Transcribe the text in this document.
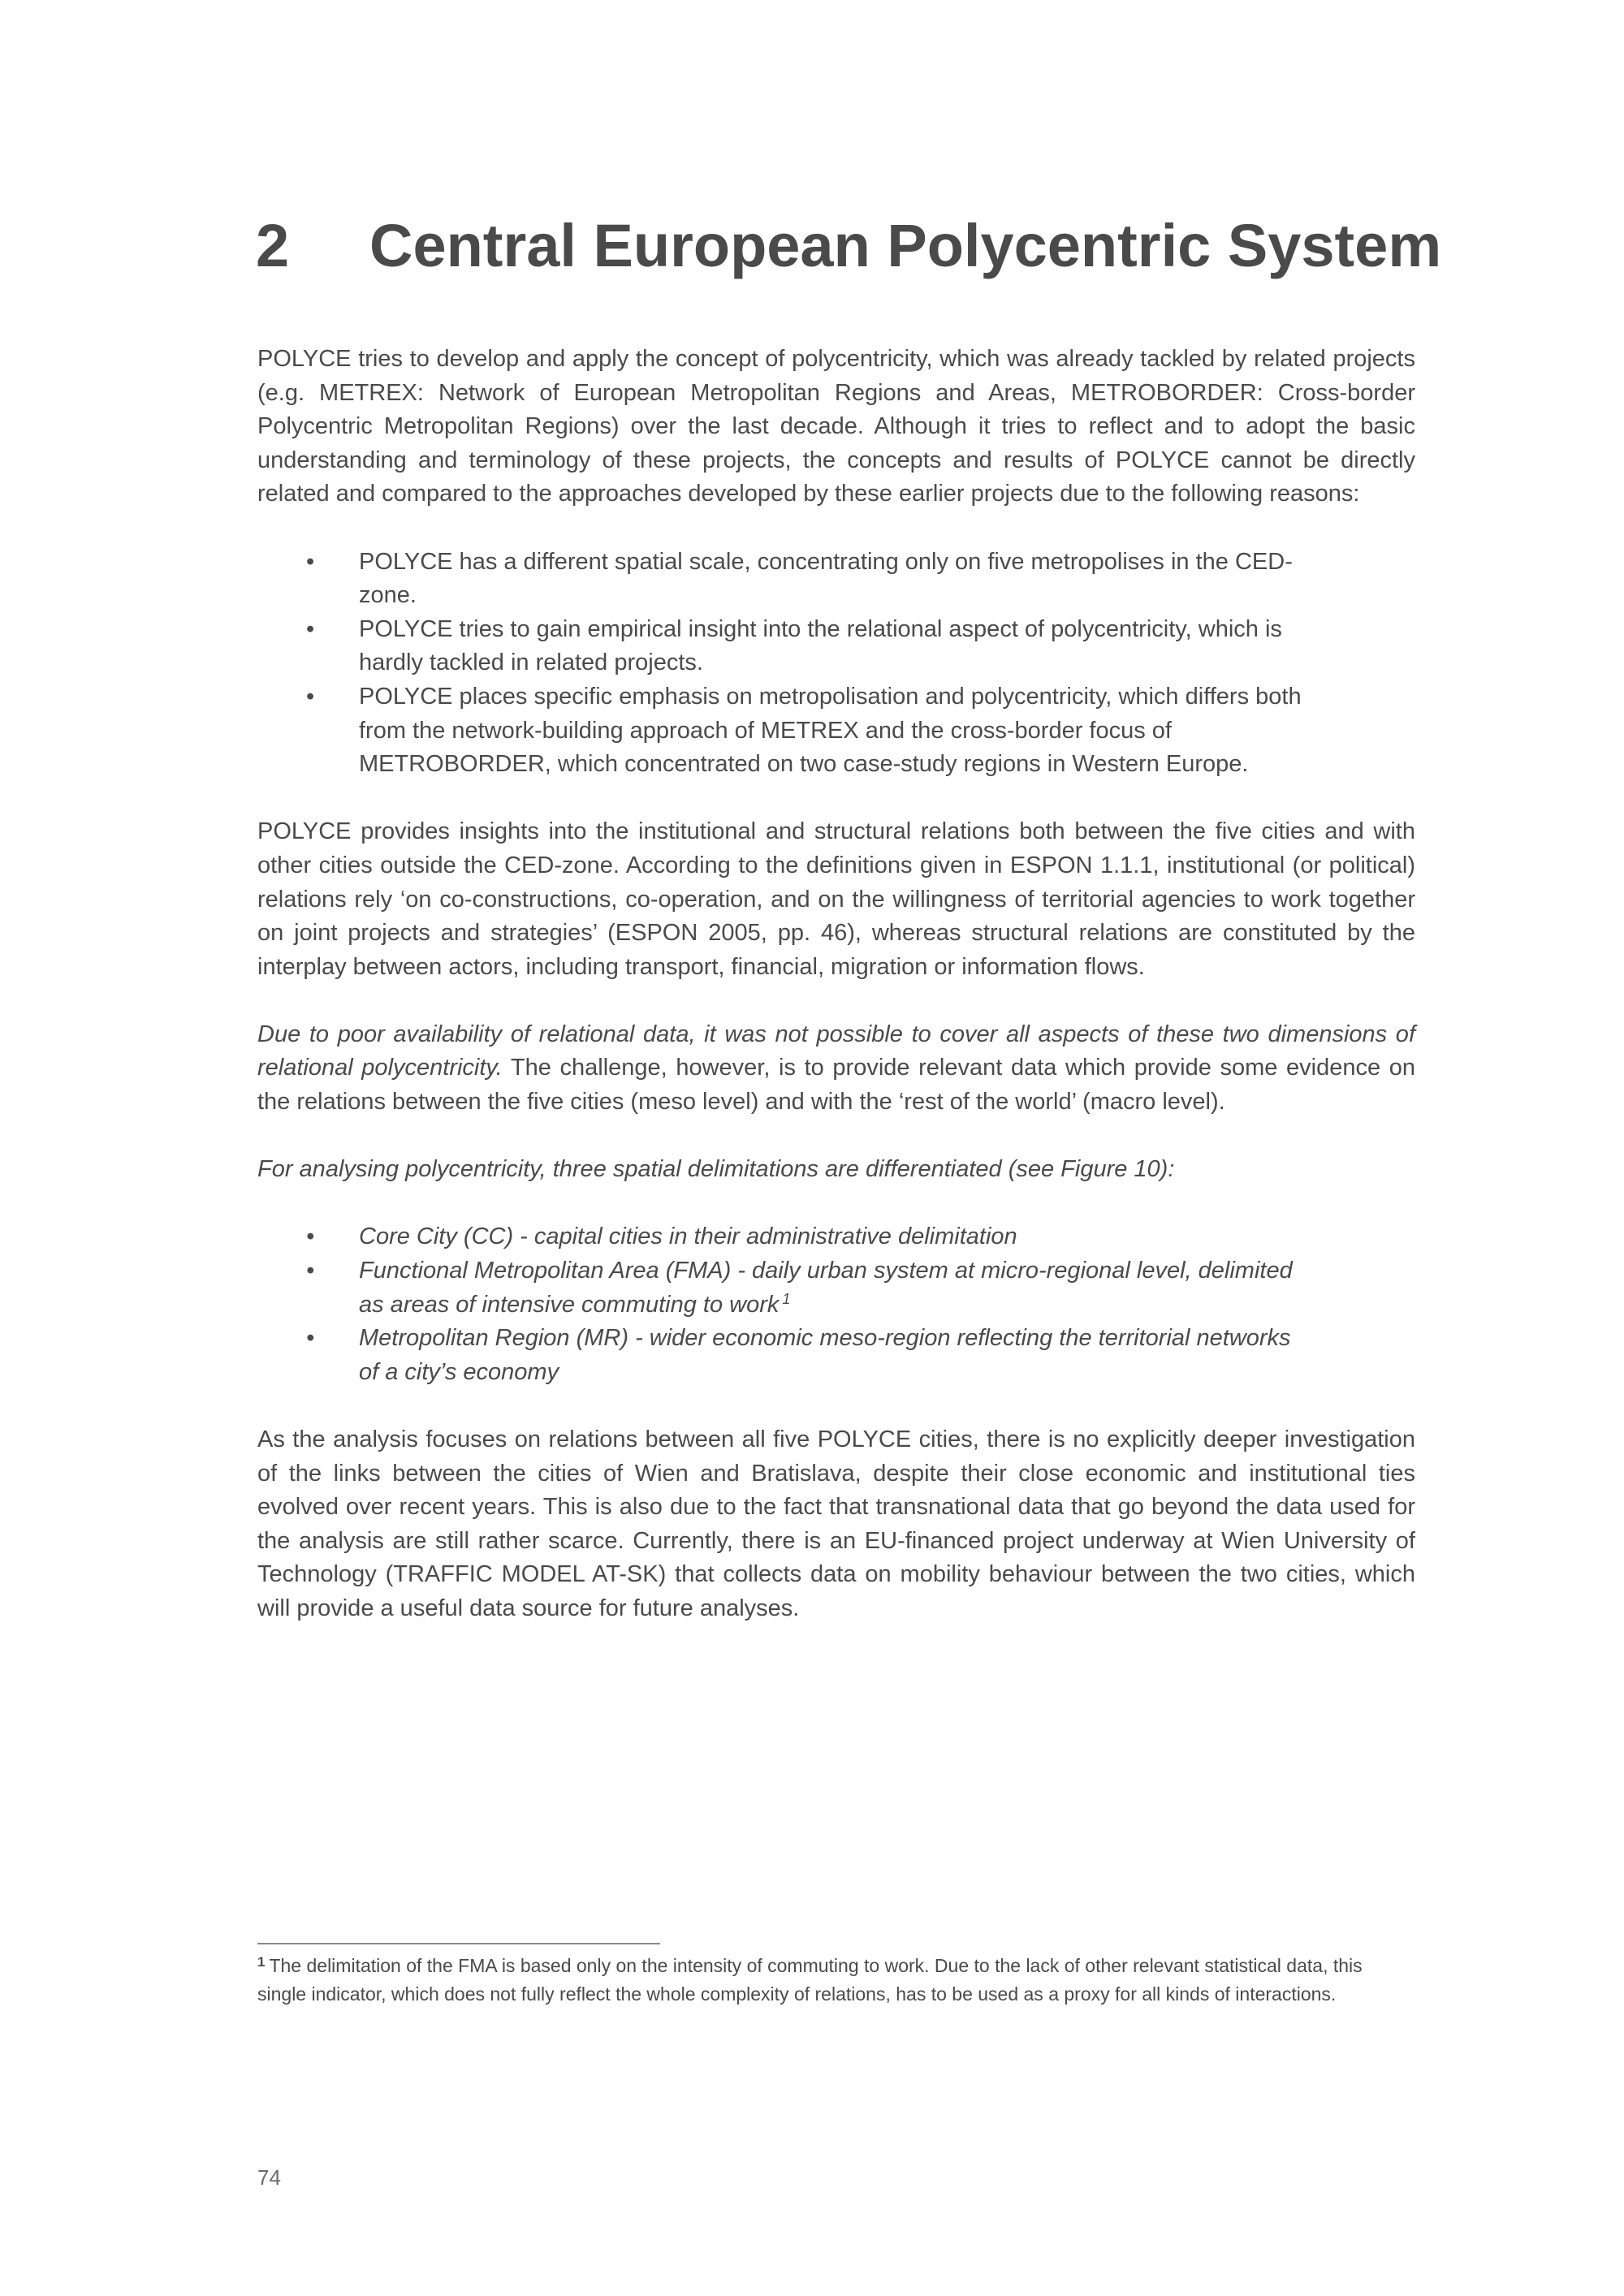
2 Central European Polycentric System

POLYCE tries to develop and apply the concept of polycentricity, which was already tackled by related projects (e.g. METREX: Network of European Metropolitan Regions and Areas, METROBORDER: Cross-border Polycentric Metropolitan Regions) over the last decade. Although it tries to reflect and to adopt the basic understanding and terminology of these projects, the concepts and results of POLYCE cannot be directly related and compared to the approaches developed by these earlier projects due to the following reasons:

• POLYCE has a different spatial scale, concentrating only on five metropolises in the CED-zone.
• POLYCE tries to gain empirical insight into the relational aspect of polycentricity, which is hardly tackled in related projects.
• POLYCE places specific emphasis on metropolisation and polycentricity, which differs both from the network-building approach of METREX and the cross-border focus of METROBORDER, which concentrated on two case-study regions in Western Europe.

POLYCE provides insights into the institutional and structural relations both between the five cities and with other cities outside the CED-zone. According to the definitions given in ESPON 1.1.1, institutional (or political) relations rely ‘on co-constructions, co-operation, and on the willingness of territorial agencies to work together on joint projects and strategies’ (ESPON 2005, pp. 46), whereas structural relations are constituted by the interplay between actors, including transport, financial, migration or information flows.

Due to poor availability of relational data, it was not possible to cover all aspects of these two dimensions of relational polycentricity. The challenge, however, is to provide relevant data which provide some evidence on the relations between the five cities (meso level) and with the ‘rest of the world’ (macro level).

For analysing polycentricity, three spatial delimitations are differentiated (see Figure 10):

• Core City (CC) - capital cities in their administrative delimitation
• Functional Metropolitan Area (FMA) - daily urban system at micro-regional level, delimited as areas of intensive commuting to work $^1$
• Metropolitan Region (MR) - wider economic meso-region reflecting the territorial networks of a city’s economy

As the analysis focuses on relations between all five POLYCE cities, there is no explicitly deeper investigation of the links between the cities of Wien and Bratislava, despite their close economic and institutional ties evolved over recent years. This is also due to the fact that transnational data that go beyond the data used for the analysis are still rather scarce. Currently, there is an EU-financed project underway at Wien University of Technology (TRAFFIC MODEL AT-SK) that collects data on mobility behaviour between the two cities, which will provide a useful data source for future analyses.

$^1$ The delimitation of the FMA is based only on the intensity of commuting to work. Due to the lack of other relevant statistical data, this single indicator, which does not fully reflect the whole complexity of relations, has to be used as a proxy for all kinds of interactions.
74
